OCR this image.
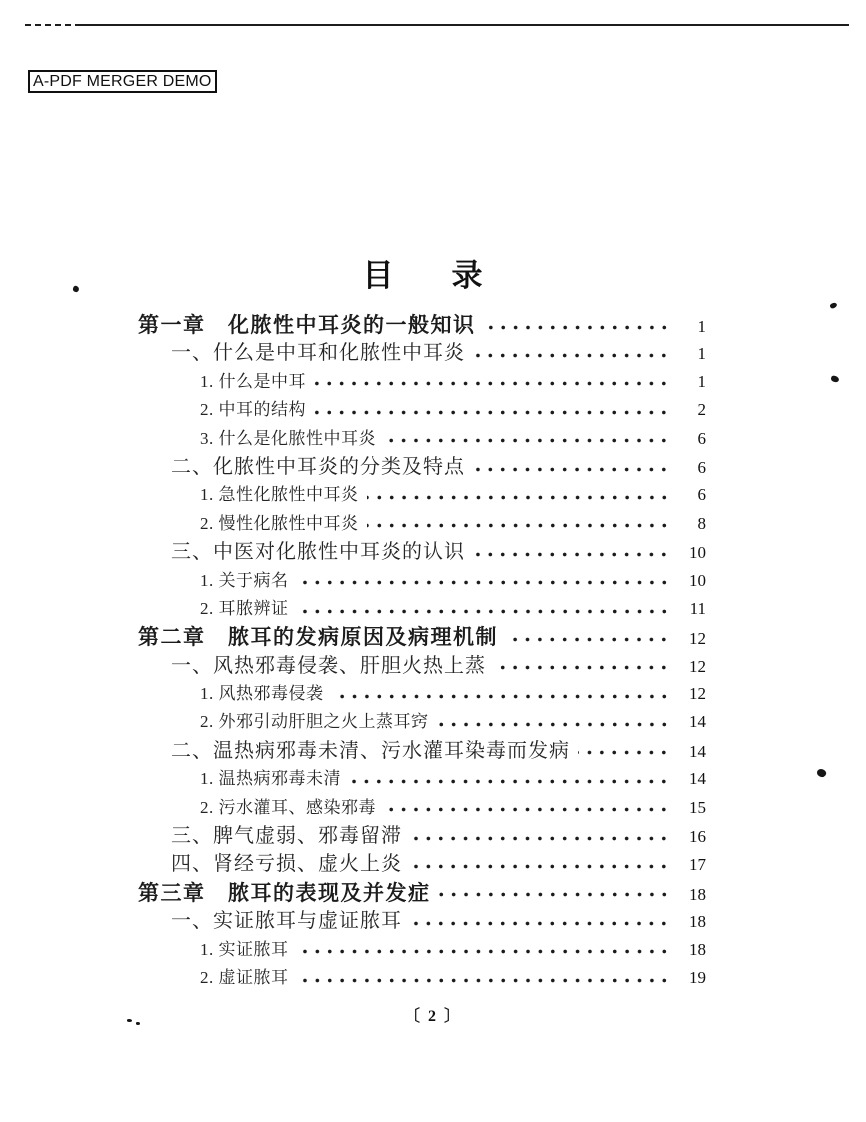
A-PDF MERGER DEMO
目 录
第一章　化脓性中耳炎的一般知识	1
一、什么是中耳和化脓性中耳炎	1
1. 什么是中耳	1
2. 中耳的结构	2
3. 什么是化脓性中耳炎	6
二、化脓性中耳炎的分类及特点	6
1. 急性化脓性中耳炎	6
2. 慢性化脓性中耳炎	8
三、中医对化脓性中耳炎的认识	10
1. 关于病名	10
2. 耳脓辨证	11
第二章　脓耳的发病原因及病理机制	12
一、风热邪毒侵袭、肝胆火热上蒸	12
1. 风热邪毒侵袭	12
2. 外邪引动肝胆之火上蒸耳窍	14
二、温热病邪毒未清、污水灌耳染毒而发病	14
1. 温热病邪毒未清	14
2. 污水灌耳、感染邪毒	15
三、脾气虚弱、邪毒留滞	16
四、肾经亏损、虚火上炎	17
第三章　脓耳的表现及并发症	18
一、实证脓耳与虚证脓耳	18
1. 实证脓耳	18
2. 虚证脓耳	19
〔 2 〕
